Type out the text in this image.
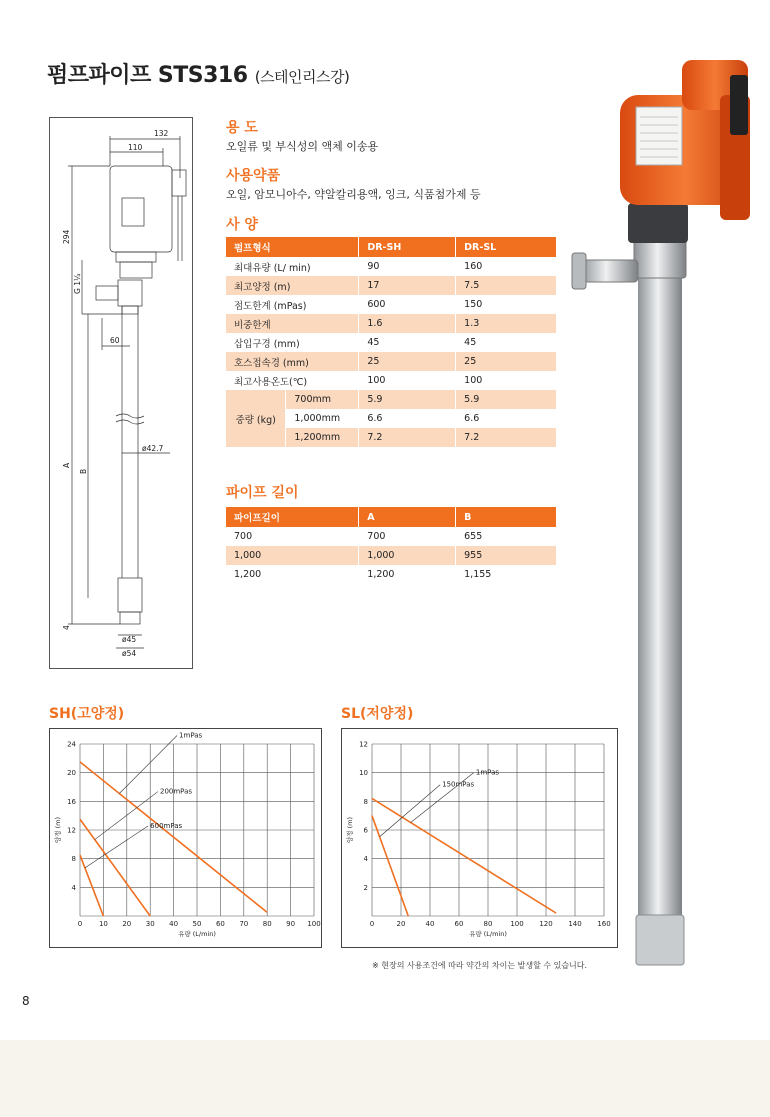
펌프파이프 STS316 (스테인리스강)
132
110
294
G 1¼
60
A
B
ø42.7
4
ø45
ø54
용 도
오일류 및 부식성의 액체 이송용
사용약품
오일, 암모니아수, 약알칼리용액, 잉크, 식품첨가제 등
사 양
펌프형식		DR-SH	DR-SL
최대유량 (L/ min)		90	160
최고양정 (m)		17	7.5
점도한계 (mPas)		600	150
비중한계		1.6	1.3
삽입구경 (mm)		45	45
호스접속경 (mm)		25	25
최고사용온도(℃)		100	100
중량 (kg)	700mm	5.9	5.9
	1,000mm	6.6	6.6
	1,200mm	7.2	7.2
파이프 길이
파이프길이	A	B
700	700	655
1,000	1,000	955
1,200	1,200	1,155
SH(고양정)
0 10 20 30 40 50 60 70 80 90 100
4
8
12
16
20
24
유량 (L/min)
양정 (m)
1mPas
200mPas
600mPas
SL(저양정)
0	20	40	60	80	100 120 140 160
2
4
6
8
10
12
유량 (L/min)
양정 (m)
1mPas
150mPas
※ 현장의 사용조건에 따라 약간의 차이는 발생할 수 있습니다.
8
